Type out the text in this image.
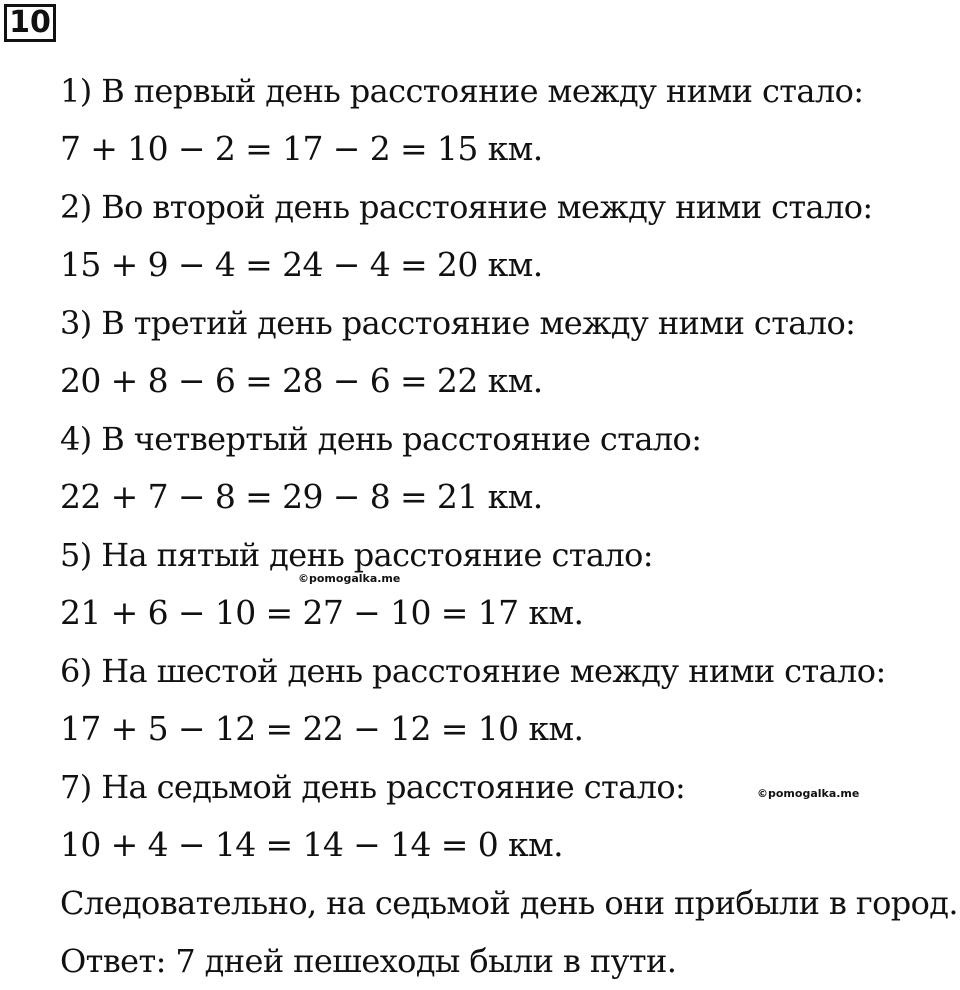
10
1) В первый день расстояние между ними стало:
7 + 10 − 2 = 17 − 2 = 15 км.
2) Во второй день расстояние между ними стало:
15 + 9 − 4 = 24 − 4 = 20 км.
3) В третий день расстояние между ними стало:
20 + 8 − 6 = 28 − 6 = 22 км.
4) В четвертый день расстояние стало:
22 + 7 − 8 = 29 − 8 = 21 км.
5) На пятый день расстояние стало:
21 + 6 − 10 = 27 − 10 = 17 км.
6) На шестой день расстояние между ними стало:
17 + 5 − 12 = 22 − 12 = 10 км.
7) На седьмой день расстояние стало:
10 + 4 − 14 = 14 − 14 = 0 км.
Следовательно, на седьмой день они прибыли в город.
Ответ: 7 дней пешеходы были в пути.
©pomogalka.me
©pomogalka.me
